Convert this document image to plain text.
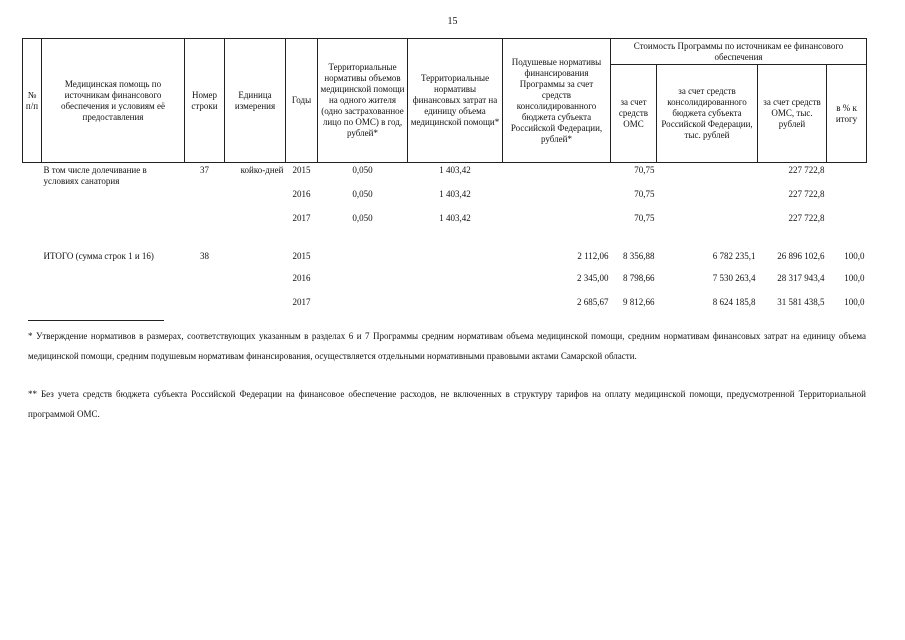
15
№ п/п	Медицинская помощь по источникам финансового обеспечения и условиям её предоставления	Номер строки	Единица измерения	Годы	Территориальные нормативы объемов медицинской помощи на одного жителя (одно застрахованное лицо по ОМС) в год, рублей*	Территориальные нормативы финансовых затрат на единицу объема медицинской помощи*	Подушевые нормативы финансирования Программы за счет средств консолидированного бюджета субъекта Российской Федерации, рублей*	Стоимость Программы по источникам ее финансового обеспечения			
								за счет средств ОМС	за счет средств консолидированного бюджета субъекта Российской Федерации, тыс. рублей	за счет средств ОМС, тыс. рублей	в % к итогу
	В том числе долечивание в условиях санатория	37	койко-дней	2015	0,050	1 403,42		70,75		227 722,8	
				2016	0,050	1 403,42		70,75		227 722,8	
				2017	0,050	1 403,42		70,75		227 722,8	
	ИТОГО (сумма строк 1 и 16)	38		2015			2 112,06	8 356,88	6 782 235,1	26 896 102,6	100,0
				2016			2 345,00	8 798,66	7 530 263,4	28 317 943,4	100,0
				2017			2 685,67	9 812,66	8 624 185,8	31 581 438,5	100,0
* Утверждение нормативов в размерах, соответствующих указанным в разделах 6 и 7 Программы средним нормативам объема медицинской помощи, средним нормативам финансовых затрат на единицу объема медицинской помощи, средним подушевым нормативам финансирования, осуществляется отдельными нормативными правовыми актами Самарской области.
** Без учета средств бюджета субъекта Российской Федерации на финансовое обеспечение расходов, не включенных в структуру тарифов на оплату медицинской помощи, предусмотренной Территориальной программой ОМС.
